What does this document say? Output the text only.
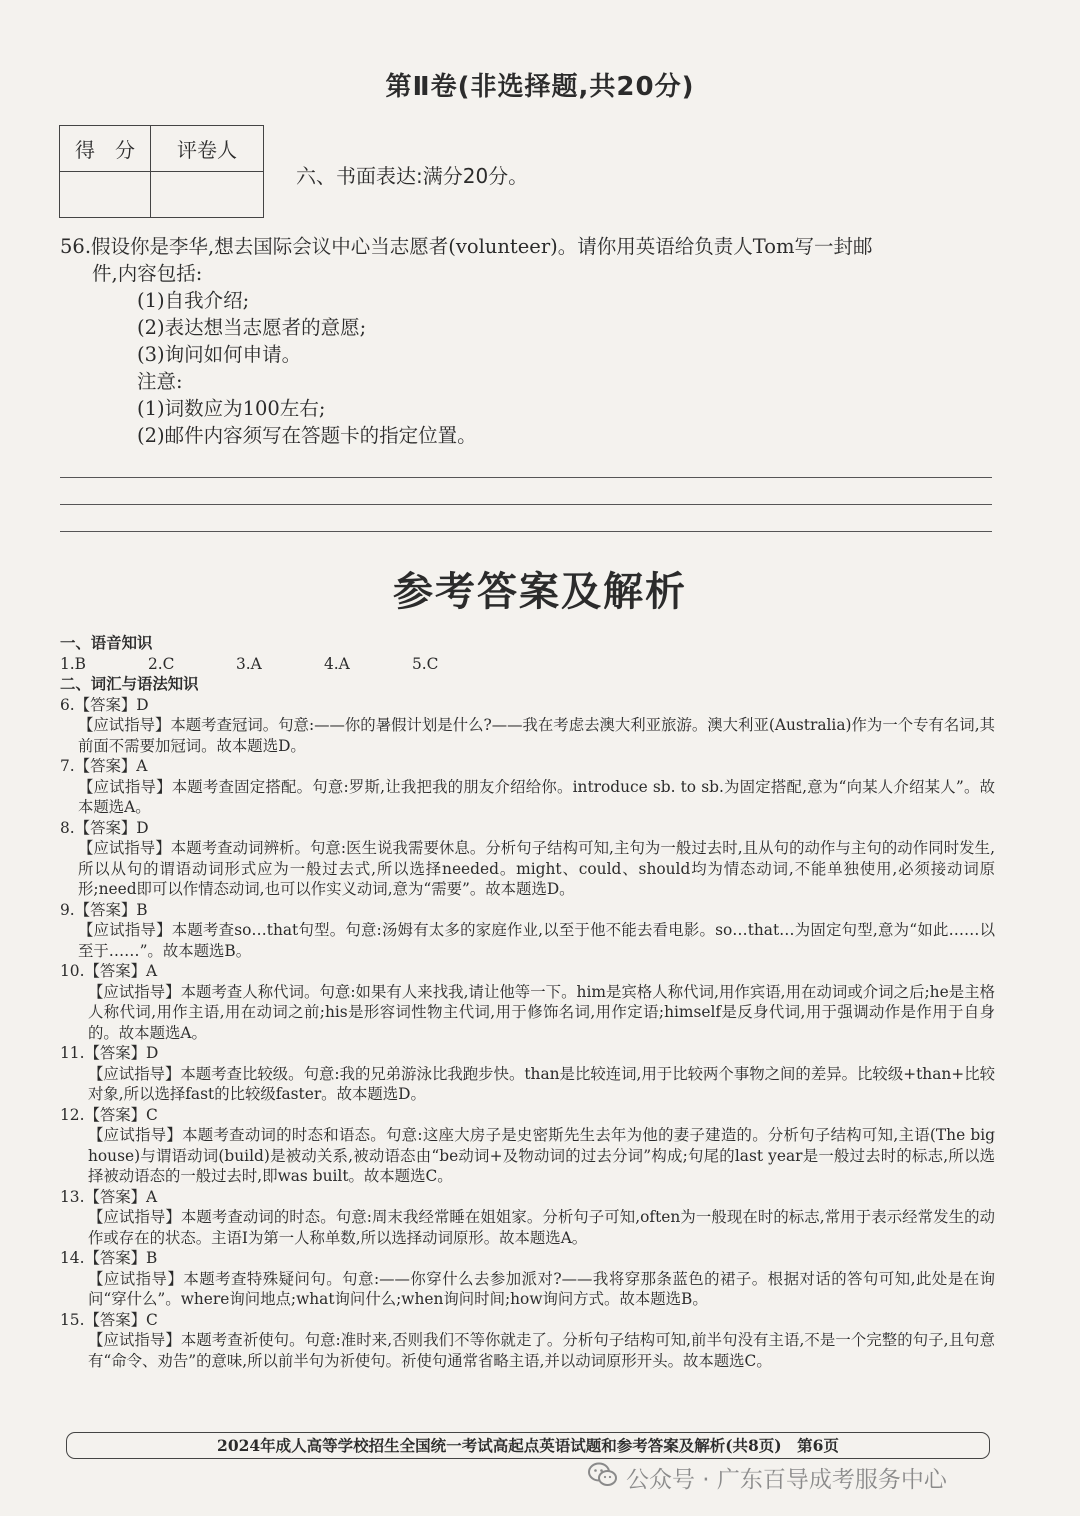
第Ⅱ卷(非选择题,共20分)
得　分	评卷人

六、书面表达:满分20分。
56.假设你是李华,想去国际会议中心当志愿者(volunteer)。请你用英语给负责人Tom写一封邮
件,内容包括:
(1)自我介绍;
(2)表达想当志愿者的意愿;
(3)询问如何申请。
注意:
(1)词数应为100左右;
(2)邮件内容须写在答题卡的指定位置。
参考答案及解析
一、语音知识
1.B	2.C	3.A	4.A	5.C
二、词汇与语法知识
6.【答案】D
【应试指导】本题考查冠词。句意:——你的暑假计划是什么?——我在考虑去澳大利亚旅游。澳大利亚(Australia)作为一个专有名词,其前面不需要加冠词。故本题选D。
7.【答案】A
【应试指导】本题考查固定搭配。句意:罗斯,让我把我的朋友介绍给你。introduce sb. to sb.为固定搭配,意为“向某人介绍某人”。故本题选A。
8.【答案】D
【应试指导】本题考查动词辨析。句意:医生说我需要休息。分析句子结构可知,主句为一般过去时,且从句的动作与主句的动作同时发生,所以从句的谓语动词形式应为一般过去式,所以选择needed。might、could、should均为情态动词,不能单独使用,必须接动词原形;need即可以作情态动词,也可以作实义动词,意为“需要”。故本题选D。
9.【答案】B
【应试指导】本题考查so…that句型。句意:汤姆有太多的家庭作业,以至于他不能去看电影。so…that…为固定句型,意为“如此……以至于……”。故本题选B。
10.【答案】A
【应试指导】本题考查人称代词。句意:如果有人来找我,请让他等一下。him是宾格人称代词,用作宾语,用在动词或介词之后;he是主格人称代词,用作主语,用在动词之前;his是形容词性物主代词,用于修饰名词,用作定语;himself是反身代词,用于强调动作是作用于自身的。故本题选A。
11.【答案】D
【应试指导】本题考查比较级。句意:我的兄弟游泳比我跑步快。than是比较连词,用于比较两个事物之间的差异。比较级+than+比较对象,所以选择fast的比较级faster。故本题选D。
12.【答案】C
【应试指导】本题考查动词的时态和语态。句意:这座大房子是史密斯先生去年为他的妻子建造的。分析句子结构可知,主语(The big house)与谓语动词(build)是被动关系,被动语态由“be动词+及物动词的过去分词”构成;句尾的last year是一般过去时的标志,所以选择被动语态的一般过去时,即was built。故本题选C。
13.【答案】A
【应试指导】本题考查动词的时态。句意:周末我经常睡在姐姐家。分析句子可知,often为一般现在时的标志,常用于表示经常发生的动作或存在的状态。主语I为第一人称单数,所以选择动词原形。故本题选A。
14.【答案】B
【应试指导】本题考查特殊疑问句。句意:——你穿什么去参加派对?——我将穿那条蓝色的裙子。根据对话的答句可知,此处是在询问“穿什么”。where询问地点;what询问什么;when询问时间;how询问方式。故本题选B。
15.【答案】C
【应试指导】本题考查祈使句。句意:准时来,否则我们不等你就走了。分析句子结构可知,前半句没有主语,不是一个完整的句子,且句意有“命令、劝告”的意味,所以前半句为祈使句。祈使句通常省略主语,并以动词原形开头。故本题选C。
2024年成人高等学校招生全国统一考试高起点英语试题和参考答案及解析(共8页)　第6页
公众号 · 广东百导成考服务中心
